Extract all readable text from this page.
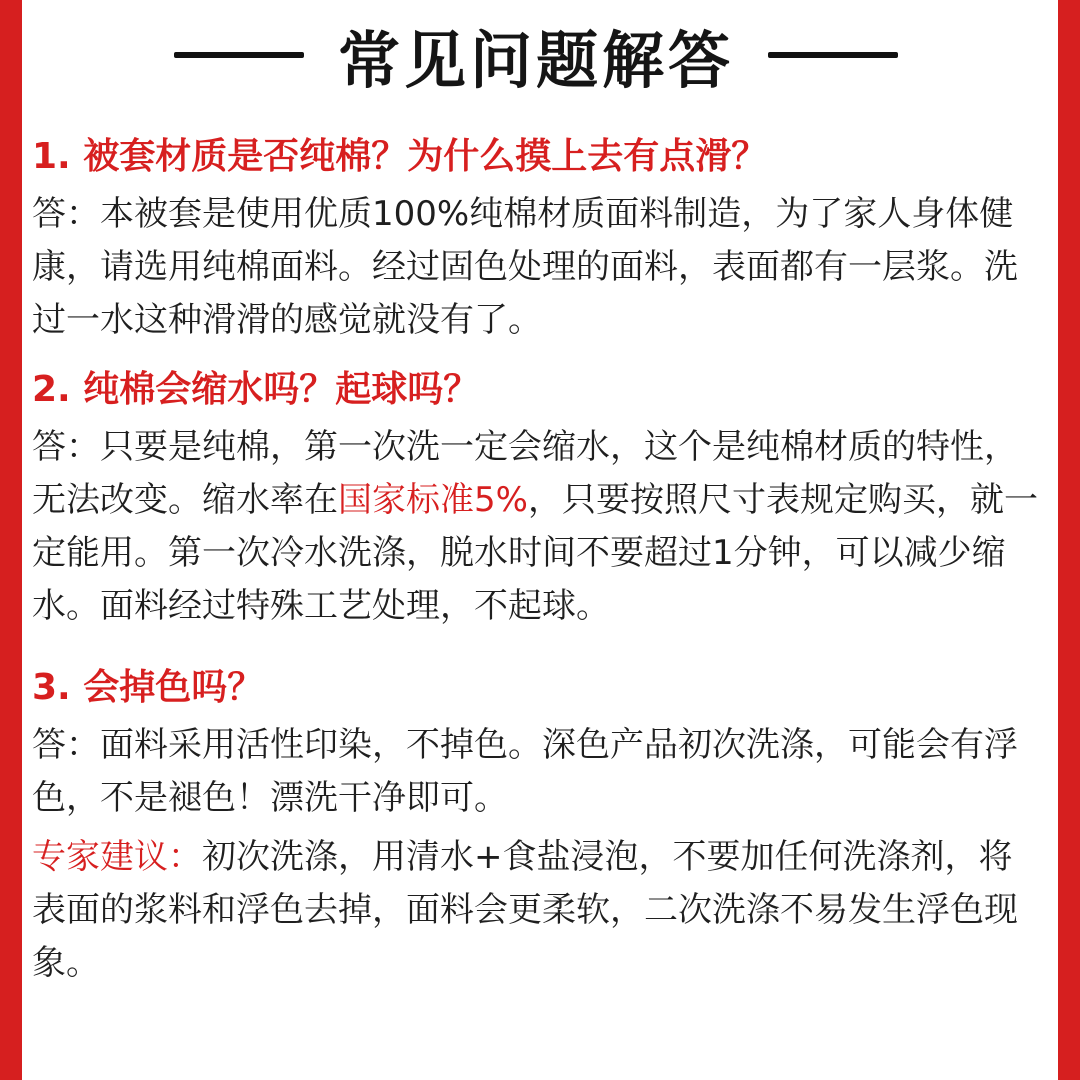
常见问题解答
1. 被套材质是否纯棉？为什么摸上去有点滑？
答：本被套是使用优质100%纯棉材质面料制造，为了家人身体健康，请选用纯棉面料。经过固色处理的面料，表面都有一层浆。洗过一水这种滑滑的感觉就没有了。
2. 纯棉会缩水吗？起球吗？
答：只要是纯棉，第一次洗一定会缩水，这个是纯棉材质的特性，无法改变。缩水率在国家标准5%，只要按照尺寸表规定购买，就一定能用。第一次冷水洗涤，脱水时间不要超过1分钟，可以减少缩水。面料经过特殊工艺处理，不起球。
3. 会掉色吗？
答：面料采用活性印染，不掉色。深色产品初次洗涤，可能会有浮色，不是褪色！漂洗干净即可。
专家建议：初次洗涤，用清水+食盐浸泡，不要加任何洗涤剂，将表面的浆料和浮色去掉，面料会更柔软，二次洗涤不易发生浮色现象。
